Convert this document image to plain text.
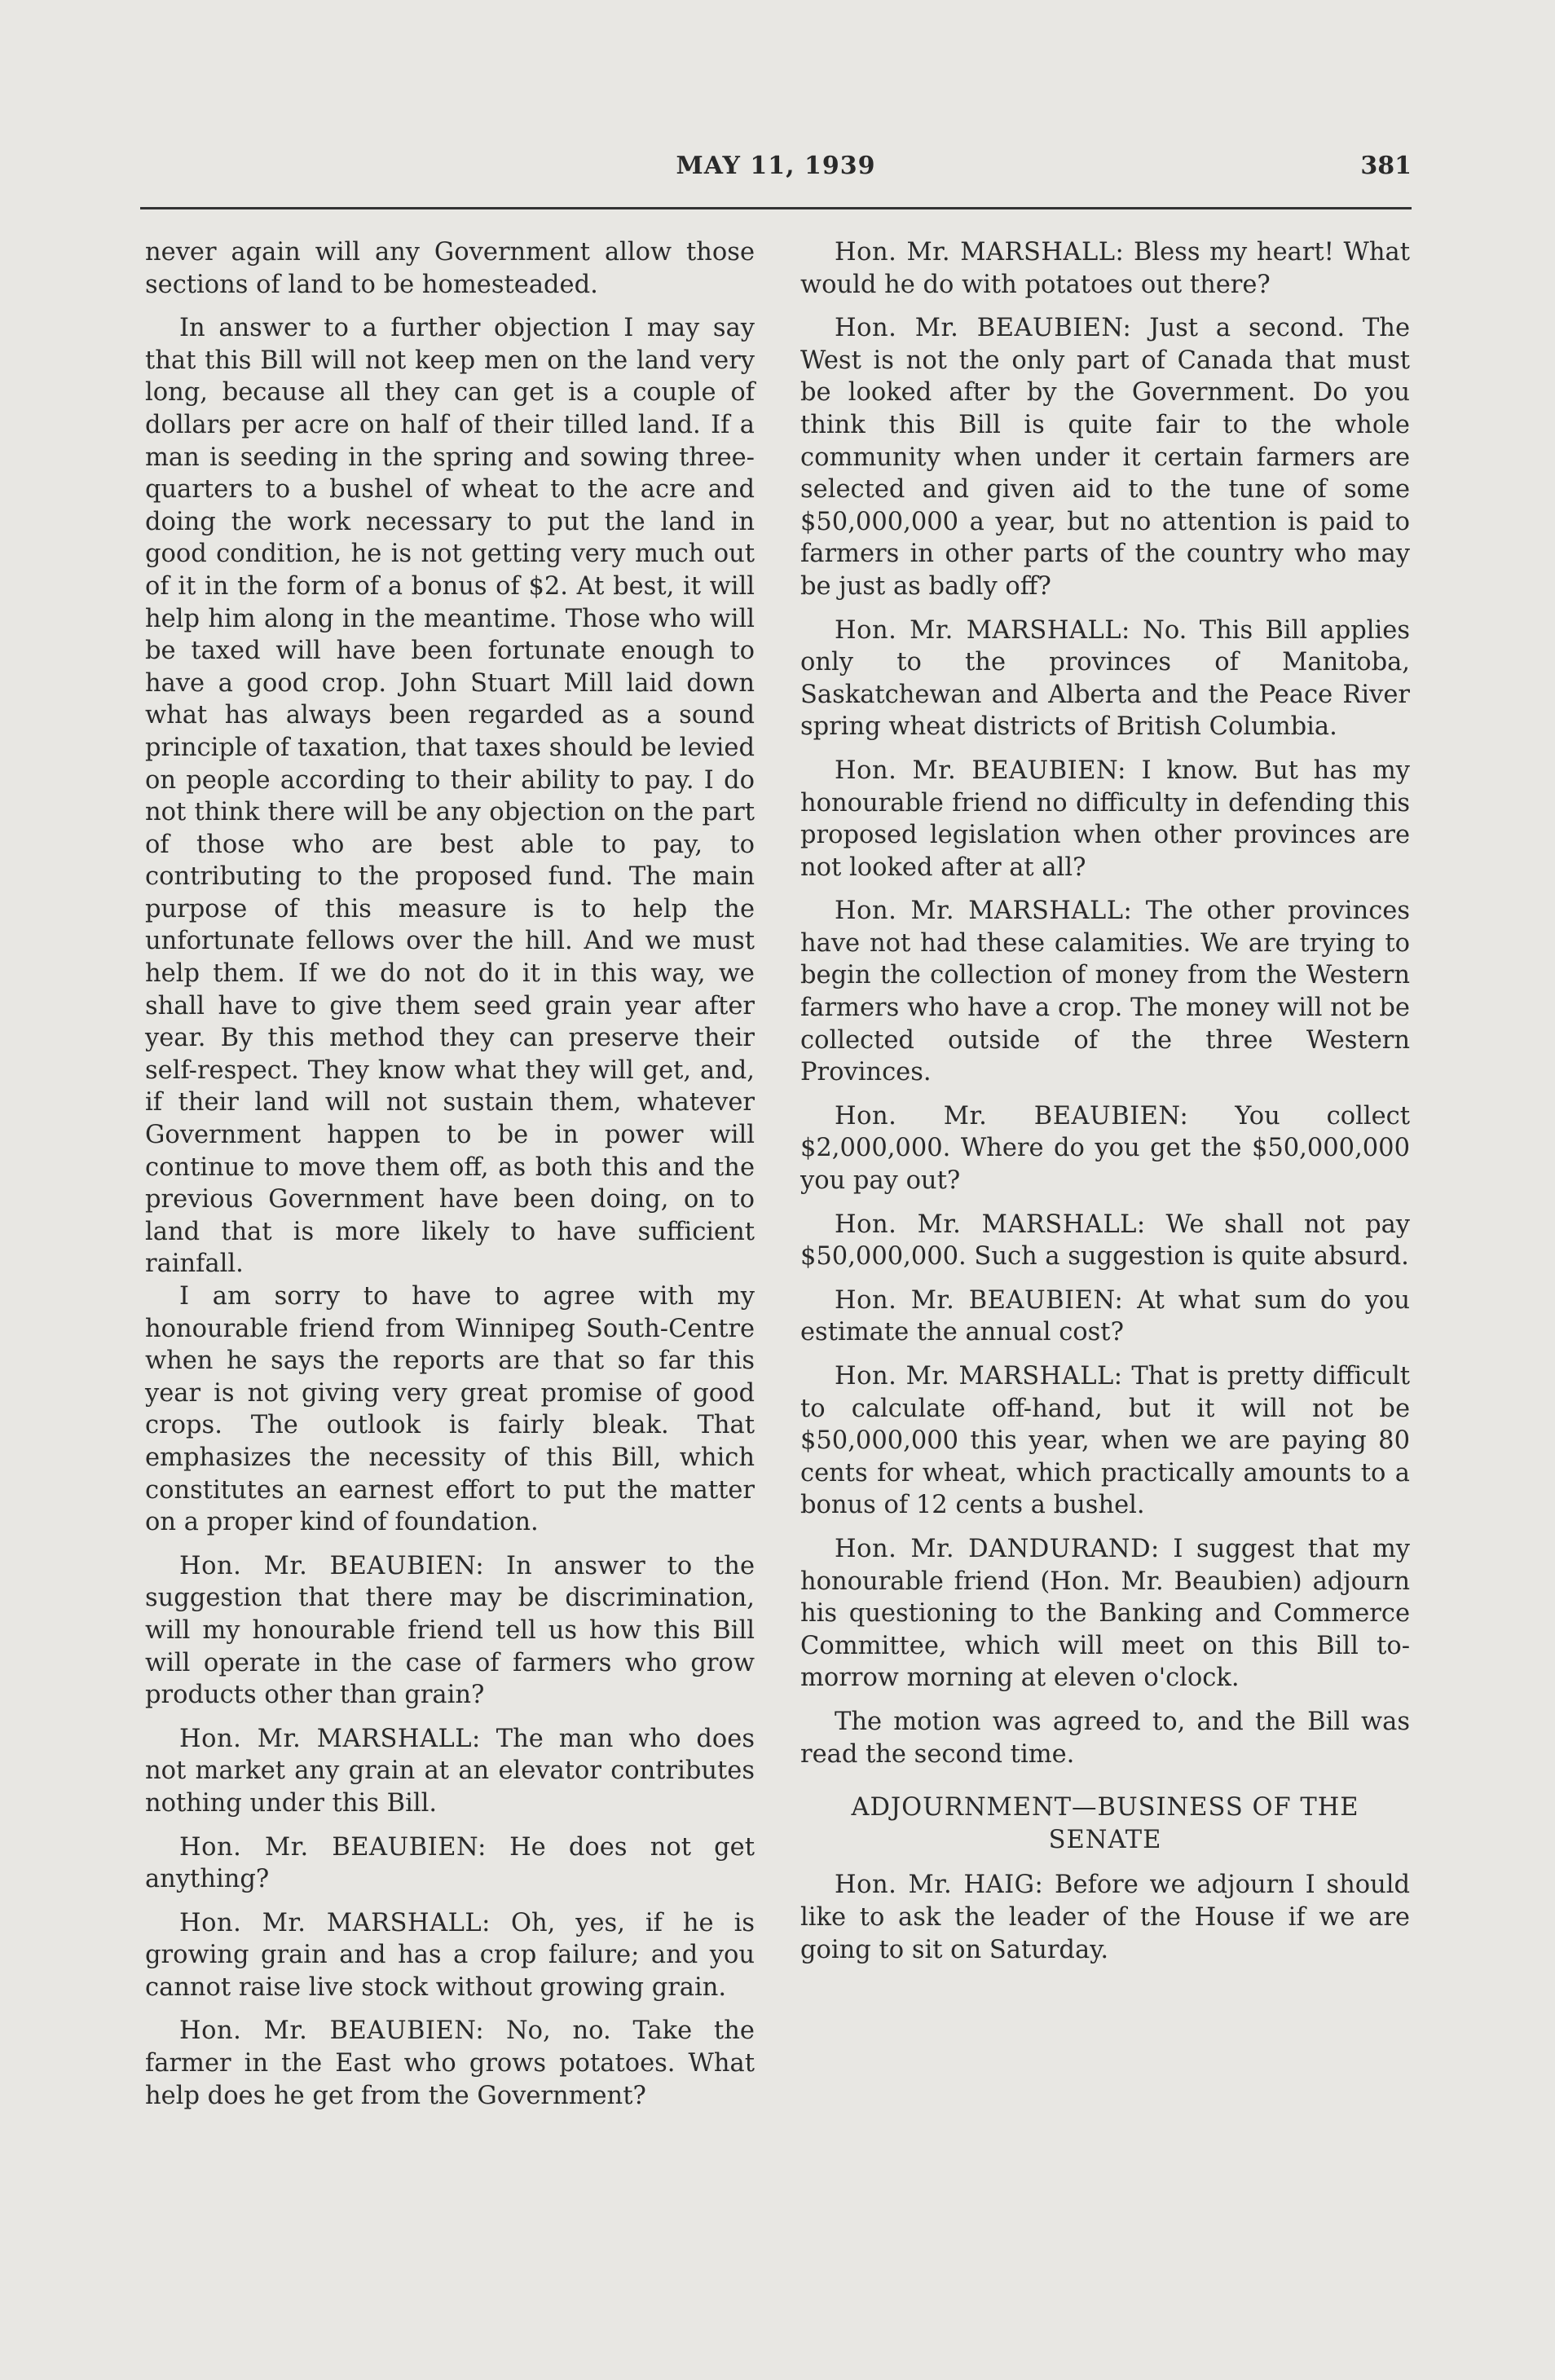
MAY 11, 1939	381

never again will any Government allow those sections of land to be homesteaded.

In answer to a further objection I may say that this Bill will not keep men on the land very long, because all they can get is a couple of dollars per acre on half of their tilled land. If a man is seeding in the spring and sowing three-quarters to a bushel of wheat to the acre and doing the work necessary to put the land in good condition, he is not getting very much out of it in the form of a bonus of $2. At best, it will help him along in the meantime. Those who will be taxed will have been fortunate enough to have a good crop. John Stuart Mill laid down what has always been regarded as a sound principle of taxation, that taxes should be levied on people according to their ability to pay. I do not think there will be any objection on the part of those who are best able to pay, to contributing to the proposed fund. The main purpose of this measure is to help the unfortunate fellows over the hill. And we must help them. If we do not do it in this way, we shall have to give them seed grain year after year. By this method they can preserve their self-respect. They know what they will get, and, if their land will not sustain them, whatever Government happen to be in power will continue to move them off, as both this and the previous Government have been doing, on to land that is more likely to have sufficient rainfall.

I am sorry to have to agree with my honourable friend from Winnipeg South-Centre when he says the reports are that so far this year is not giving very great promise of good crops. The outlook is fairly bleak. That emphasizes the necessity of this Bill, which constitutes an earnest effort to put the matter on a proper kind of foundation.

Hon. Mr. BEAUBIEN: In answer to the suggestion that there may be discrimination, will my honourable friend tell us how this Bill will operate in the case of farmers who grow products other than grain?

Hon. Mr. MARSHALL: The man who does not market any grain at an elevator contributes nothing under this Bill.

Hon. Mr. BEAUBIEN: He does not get anything?

Hon. Mr. MARSHALL: Oh, yes, if he is growing grain and has a crop failure; and you cannot raise live stock without growing grain.

Hon. Mr. BEAUBIEN: No, no. Take the farmer in the East who grows potatoes. What help does he get from the Government?

Hon. Mr. MARSHALL: Bless my heart! What would he do with potatoes out there?

Hon. Mr. BEAUBIEN: Just a second. The West is not the only part of Canada that must be looked after by the Government. Do you think this Bill is quite fair to the whole community when under it certain farmers are selected and given aid to the tune of some $50,000,000 a year, but no attention is paid to farmers in other parts of the country who may be just as badly off?

Hon. Mr. MARSHALL: No. This Bill applies only to the provinces of Manitoba, Saskatchewan and Alberta and the Peace River spring wheat districts of British Columbia.

Hon. Mr. BEAUBIEN: I know. But has my honourable friend no difficulty in defending this proposed legislation when other provinces are not looked after at all?

Hon. Mr. MARSHALL: The other provinces have not had these calamities. We are trying to begin the collection of money from the Western farmers who have a crop. The money will not be collected outside of the three Western Provinces.

Hon. Mr. BEAUBIEN: You collect $2,000,000. Where do you get the $50,000,000 you pay out?

Hon. Mr. MARSHALL: We shall not pay $50,000,000. Such a suggestion is quite absurd.

Hon. Mr. BEAUBIEN: At what sum do you estimate the annual cost?

Hon. Mr. MARSHALL: That is pretty difficult to calculate off-hand, but it will not be $50,000,000 this year, when we are paying 80 cents for wheat, which practically amounts to a bonus of 12 cents a bushel.

Hon. Mr. DANDURAND: I suggest that my honourable friend (Hon. Mr. Beaubien) adjourn his questioning to the Banking and Commerce Committee, which will meet on this Bill to-morrow morning at eleven o'clock.

The motion was agreed to, and the Bill was read the second time.

ADJOURNMENT—BUSINESS OF THE SENATE

Hon. Mr. HAIG: Before we adjourn I should like to ask the leader of the House if we are going to sit on Saturday.
